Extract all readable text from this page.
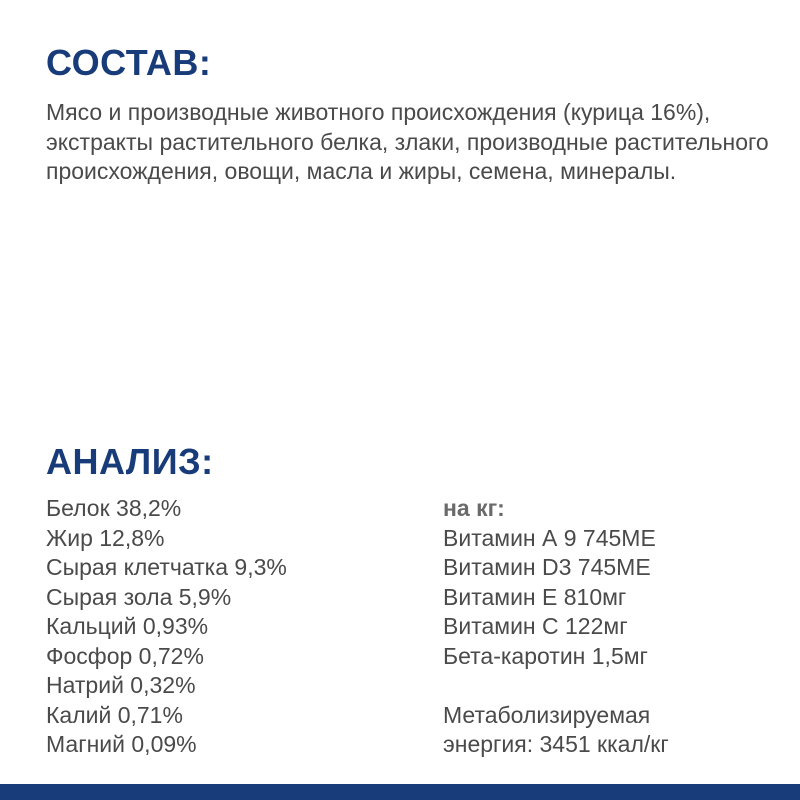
СОСТАВ:

Мясо и производные животного происхождения (курица 16%), экстракты растительного белка, злаки, производные растительного происхождения, овощи, масла и жиры, семена, минералы.

АНАЛИЗ:
Белок 38,2%
Жир 12,8%
Сырая клетчатка 9,3%
Сырая зола 5,9%
Кальций 0,93%
Фосфор 0,72%
Натрий 0,32%
Калий 0,71%
Магний 0,09%
на кг:
Витамин А 9 745МЕ
Витамин D3 745МЕ
Витамин Е 810мг
Витамин С 122мг
Бета-каротин 1,5мг
Метаболизируемая
энергия: 3451 ккал/кг
